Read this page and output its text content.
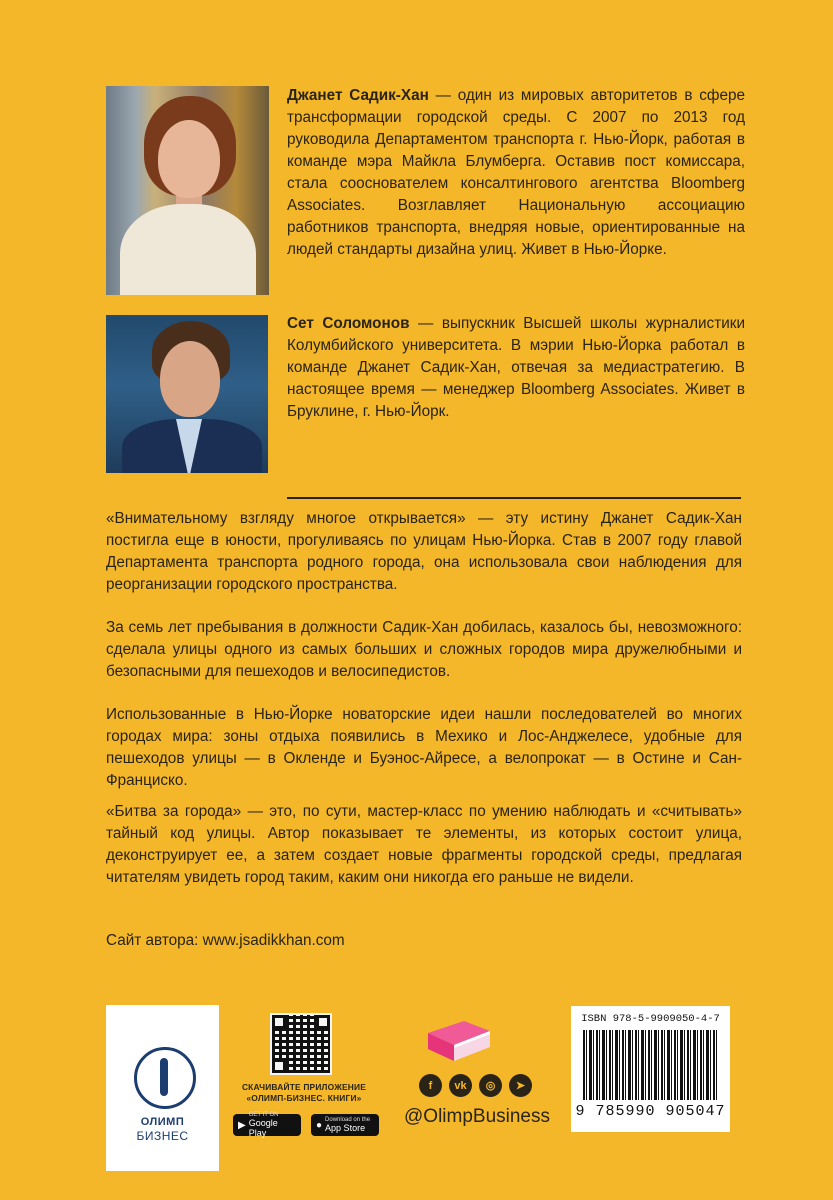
Джанет Садик-Хан — один из мировых авторитетов в сфере трансформации городской среды. С 2007 по 2013 год руководила Департаментом транспорта г. Нью-Йорк, работая в команде мэра Майкла Блумберга. Оставив пост комиссара, стала сооснователем консалтингового агентства Bloomberg Associates. Возглавляет Национальную ассоциацию работников транспорта, внедряя новые, ориентированные на людей стандарты дизайна улиц. Живет в Нью-Йорке.
Сет Соломонов — выпускник Высшей школы журналистики Колумбийского университета. В мэрии Нью-Йорка работал в команде Джанет Садик-Хан, отвечая за медиастратегию. В настоящее время — менеджер Bloomberg Associates. Живет в Бруклине, г. Нью-Йорк.

«Внимательному взгляду многое открывается» — эту истину Джанет Садик-Хан постигла еще в юности, прогуливаясь по улицам Нью-Йорка. Став в 2007 году главой Департамента транспорта родного города, она использовала свои наблюдения для реорганизации городского пространства.

За семь лет пребывания в должности Садик-Хан добилась, казалось бы, невозможного: сделала улицы одного из самых больших и сложных городов мира дружелюбными и безопасными для пешеходов и велосипедистов.

Использованные в Нью-Йорке новаторские идеи нашли последователей во многих городах мира: зоны отдыха появились в Мехико и Лос-Анджелесе, удобные для пешеходов улицы — в Окленде и Буэнос-Айресе, а велопрокат — в Остине и Сан-Франциско.

«Битва за города» — это, по сути, мастер-класс по умению наблюдать и «считывать» тайный код улицы. Автор показывает те элементы, из которых состоит улица, деконструирует ее, а затем создает новые фрагменты городской среды, предлагая читателям увидеть город таким, каким они никогда его раньше не видели.

Сайт автора: www.jsadikkhan.com

ОЛИМП
БИЗНЕС
СКАЧИВАЙТЕ ПРИЛОЖЕНИЕ
«ОЛИМП-БИЗНЕС. КНИГИ»
▶
GET IT ON
Google Play
● Download on the
App Store
f	vk	◎	➤
@OlimpBusiness
ISBN 978-5-9909050-4-7
9 785990 905047
